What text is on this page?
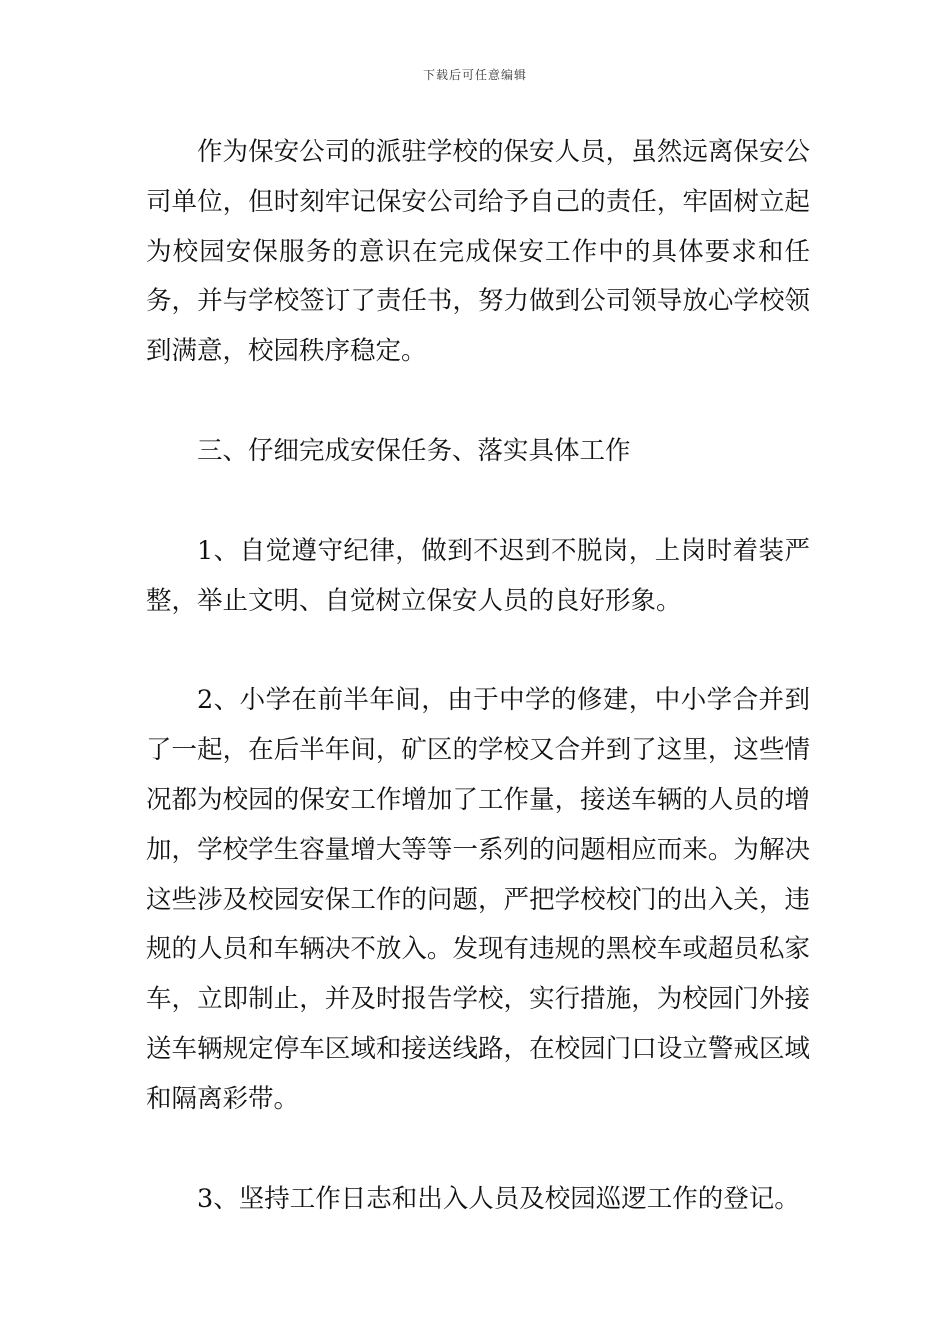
下载后可任意编辑

作为保安公司的派驻学校的保安人员，虽然远离保安公司单位，但时刻牢记保安公司给予自己的责任，牢固树立起为校园安保服务的意识在完成保安工作中的具体要求和任务，并与学校签订了责任书，努力做到公司领导放心学校领到满意，校园秩序稳定。

三、仔细完成安保任务、落实具体工作

1、自觉遵守纪律，做到不迟到不脱岗，上岗时着装严整，举止文明、自觉树立保安人员的良好形象。

2、小学在前半年间，由于中学的修建，中小学合并到了一起，在后半年间，矿区的学校又合并到了这里，这些情况都为校园的保安工作增加了工作量，接送车辆的人员的增加，学校学生容量增大等等一系列的问题相应而来。为解决这些涉及校园安保工作的问题，严把学校校门的出入关，违规的人员和车辆决不放入。发现有违规的黑校车或超员私家车，立即制止，并及时报告学校，实行措施，为校园门外接送车辆规定停车区域和接送线路，在校园门口设立警戒区域和隔离彩带。

3、坚持工作日志和出入人员及校园巡逻工作的登记。
